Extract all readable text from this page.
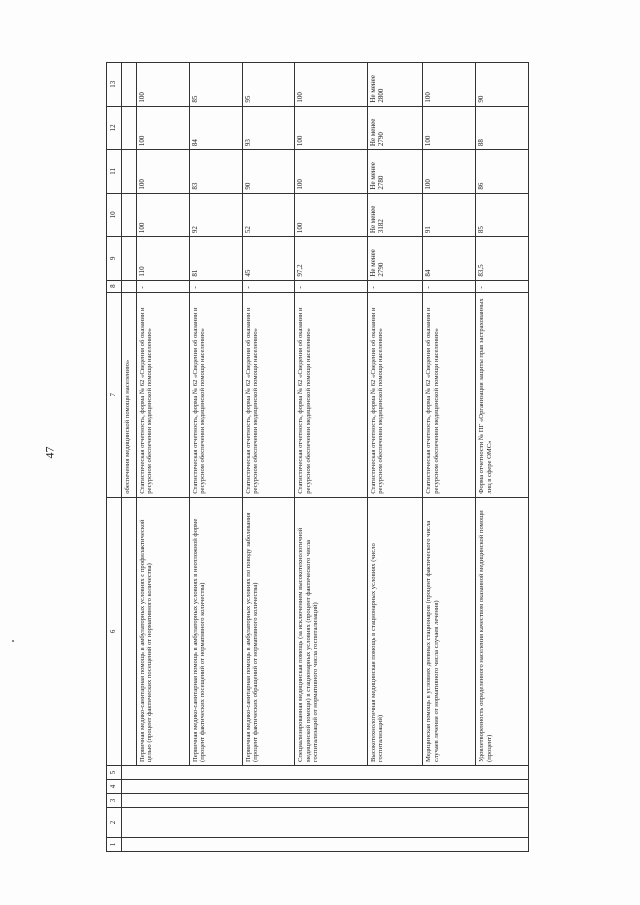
47
1	2	3	4	5	6	7	8	9	10	11	12	13
						обеспечения медицинской помощи населению»						
					Первичная медико-санитарная помощь в амбулаторных условиях с профилактической целью (процент фактических посещений от нормативного количества)	Статистическая отчетность, форма № 62 «Сведения об оказании и ресурсном обеспечении медицинской помощи населению»	-	110	100	100	100	100
					Первичная медико-санитарная помощь в амбулаторных условиях в неотложной форме (процент фактических посещений от нормативного количества)	Статистическая отчетность, форма № 62 «Сведения об оказании и ресурсном обеспечении медицинской помощи населению»	-	81	92	83	84	85
					Первичная медико-санитарная помощь в амбулаторных условиях по поводу заболевания (процент фактических обращений от нормативного количества)	Статистическая отчетность, форма № 62 «Сведения об оказании и ресурсном обеспечении медицинской помощи населению»	-	45	52	90	93	95
					Специализированная медицинская помощь (за исключением высокотехнологичной медицинской помощи) в стационарных условиях (процент фактического числа госпитализаций от нормативного числа госпитализаций)	Статистическая отчетность, форма № 62 «Сведения об оказании и ресурсном обеспечении медицинской помощи населению»	-	97,2	100	100	100	100
					Высокотехнологичная медицинская помощь в стационарных условиях (число госпитализаций)	Статистическая отчетность, форма № 62 «Сведения об оказании и ресурсном обеспечении медицинской помощи населению»	-	Не менее 2790	Не менее 3182	Не менее 2780	Не менее 2790	Не менее 2800
					Медицинская помощь в условиях дневных стационаров (процент фактического числа случаев лечения от нормативного числа случаев лечения)	Статистическая отчетность, форма № 62 «Сведения об оказании и ресурсном обеспечении медицинской помощи населению»	-	84	91	100	100	100
					Удовлетворенность определенного населения качеством оказанной медицинской помощи (процент)	Форма отчетности № ПГ «Организация защиты прав застрахованных лиц в сфере ОМС»	-	83,5	85	86	88	90
